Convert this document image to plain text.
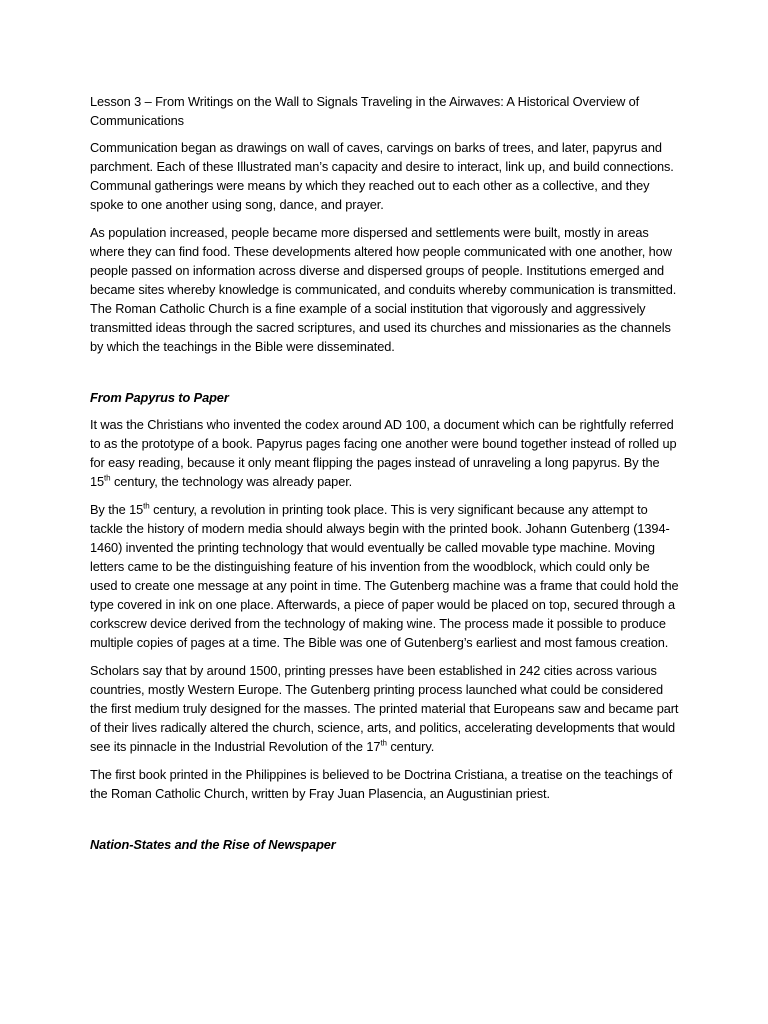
Lesson 3 – From Writings on the Wall to Signals Traveling in the Airwaves: A Historical Overview of Communications

Communication began as drawings on wall of caves, carvings on barks of trees, and later, papyrus and parchment. Each of these Illustrated man’s capacity and desire to interact, link up, and build connections. Communal gatherings were means by which they reached out to each other as a collective, and they spoke to one another using song, dance, and prayer.

As population increased, people became more dispersed and settlements were built, mostly in areas where they can find food. These developments altered how people communicated with one another, how people passed on information across diverse and dispersed groups of people. Institutions emerged and became sites whereby knowledge is communicated, and conduits whereby communication is transmitted. The Roman Catholic Church is a fine example of a social institution that vigorously and aggressively transmitted ideas through the sacred scriptures, and used its churches and missionaries as the channels by which the teachings in the Bible were disseminated.

From Papyrus to Paper

It was the Christians who invented the codex around AD 100, a document which can be rightfully referred to as the prototype of a book. Papyrus pages facing one another were bound together instead of rolled up for easy reading, because it only meant flipping the pages instead of unraveling a long papyrus. By the 15th century, the technology was already paper.

By the 15th century, a revolution in printing took place. This is very significant because any attempt to tackle the history of modern media should always begin with the printed book. Johann Gutenberg (1394-1460) invented the printing technology that would eventually be called movable type machine. Moving letters came to be the distinguishing feature of his invention from the woodblock, which could only be used to create one message at any point in time. The Gutenberg machine was a frame that could hold the type covered in ink on one place. Afterwards, a piece of paper would be placed on top, secured through a corkscrew device derived from the technology of making wine. The process made it possible to produce multiple copies of pages at a time. The Bible was one of Gutenberg’s earliest and most famous creation.

Scholars say that by around 1500, printing presses have been established in 242 cities across various countries, mostly Western Europe. The Gutenberg printing process launched what could be considered the first medium truly designed for the masses. The printed material that Europeans saw and became part of their lives radically altered the church, science, arts, and politics, accelerating developments that would see its pinnacle in the Industrial Revolution of the 17th century.

The first book printed in the Philippines is believed to be Doctrina Cristiana, a treatise on the teachings of the Roman Catholic Church, written by Fray Juan Plasencia, an Augustinian priest.

Nation-States and the Rise of Newspaper
